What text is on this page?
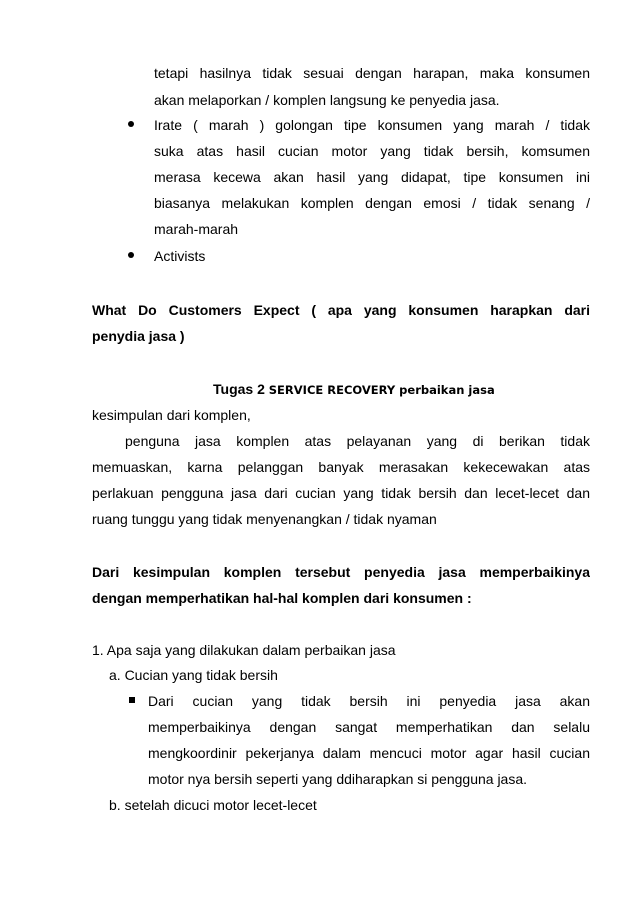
tetapi hasilnya tidak sesuai dengan harapan, maka konsumen
akan melaporkan / komplen langsung ke penyedia jasa.
Irate ( marah ) golongan tipe konsumen yang marah / tidak
suka atas hasil cucian motor yang tidak bersih, komsumen
merasa kecewa akan hasil yang didapat, tipe konsumen ini
biasanya melakukan komplen dengan emosi / tidak senang /
marah-marah
Activists
What Do Customers Expect ( apa yang konsumen harapkan dari
penydia jasa )
Tugas 2 SERVICE RECOVERY perbaikan jasa
kesimpulan dari komplen,
penguna jasa komplen atas pelayanan yang di berikan tidak
memuaskan, karna pelanggan banyak merasakan kekecewakan atas
perlakuan pengguna jasa dari cucian yang tidak bersih dan lecet-lecet dan
ruang tunggu yang tidak menyenangkan / tidak nyaman
Dari kesimpulan komplen tersebut penyedia jasa memperbaikinya
dengan memperhatikan hal-hal komplen dari konsumen :
1. Apa saja yang dilakukan dalam perbaikan jasa
a. Cucian yang tidak bersih
Dari cucian yang tidak bersih ini penyedia jasa akan
memperbaikinya dengan sangat memperhatikan dan selalu
mengkoordinir pekerjanya dalam mencuci motor agar hasil cucian
motor nya bersih seperti yang ddiharapkan si pengguna jasa.
b. setelah dicuci motor lecet-lecet
